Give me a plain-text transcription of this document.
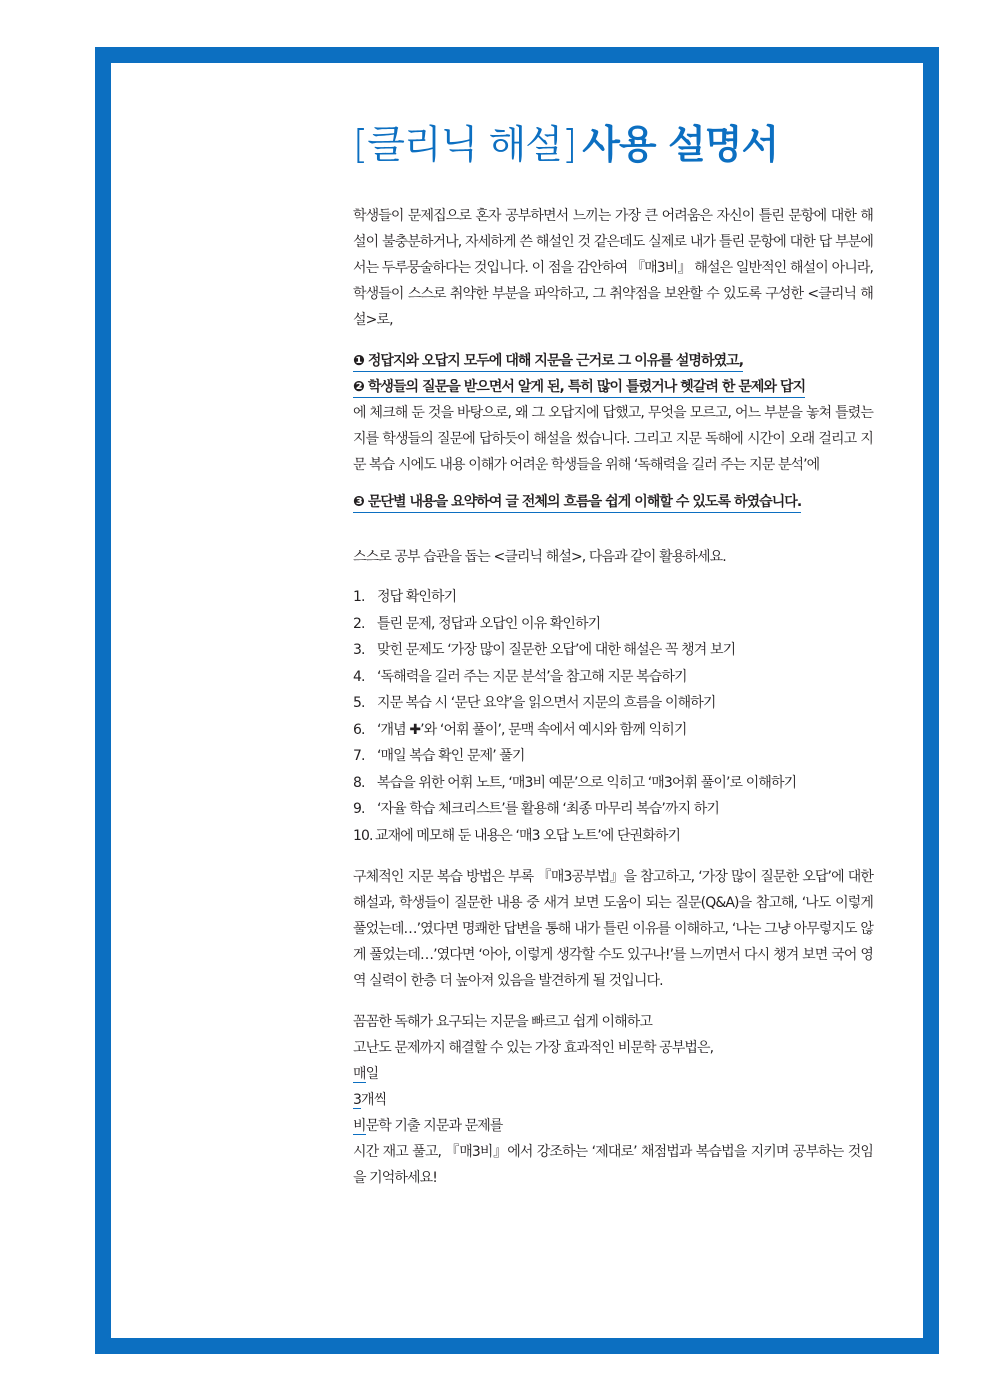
[클리닉 해설] 사용 설명서

학생들이 문제집으로 혼자 공부하면서 느끼는 가장 큰 어려움은 자신이 틀린 문항에 대한 해설이 불충분하거나, 자세하게 쓴 해설인 것 같은데도 실제로 내가 틀린 문항에 대한 답 부분에서는 두루뭉술하다는 것입니다. 이 점을 감안하여 『매3비』 해설은 일반적인 해설이 아니라, 학생들이 스스로 취약한 부분을 파악하고, 그 취약점을 보완할 수 있도록 구성한 <클리닉 해설>로,

❶ 정답지와 오답지 모두에 대해 지문을 근거로 그 이유를 설명하였고,

❷ 학생들의 질문을 받으면서 알게 된, 특히 많이 틀렸거나 헷갈려 한 문제와 답지

에 체크해 둔 것을 바탕으로, 왜 그 오답지에 답했고, 무엇을 모르고, 어느 부분을 놓쳐 틀렸는지를 학생들의 질문에 답하듯이 해설을 썼습니다. 그리고 지문 독해에 시간이 오래 걸리고 지문 복습 시에도 내용 이해가 어려운 학생들을 위해 ‘독해력을 길러 주는 지문 분석’에

❸ 문단별 내용을 요약하여 글 전체의 흐름을 쉽게 이해할 수 있도록 하였습니다.

스스로 공부 습관을 돕는 <클리닉 해설>, 다음과 같이 활용하세요.

1. 정답 확인하기
2. 틀린 문제, 정답과 오답인 이유 확인하기
3. 맞힌 문제도 ‘가장 많이 질문한 오답’에 대한 해설은 꼭 챙겨 보기
4. ‘독해력을 길러 주는 지문 분석’을 참고해 지문 복습하기
5. 지문 복습 시 ‘문단 요약’을 읽으면서 지문의 흐름을 이해하기
6. ‘개념 ✚’와 ‘어휘 풀이’, 문맥 속에서 예시와 함께 익히기
7. ‘매일 복습 확인 문제’ 풀기
8. 복습을 위한 어휘 노트, ‘매3비 예문’으로 익히고 ‘매3어휘 풀이’로 이해하기
9. ‘자율 학습 체크리스트’를 활용해 ‘최종 마무리 복습’까지 하기
10. 교재에 메모해 둔 내용은 ‘매3 오답 노트’에 단권화하기

구체적인 지문 복습 방법은 부록 『매3공부법』을 참고하고, ‘가장 많이 질문한 오답’에 대한 해설과, 학생들이 질문한 내용 중 새겨 보면 도움이 되는 질문(Q&A)을 참고해, ‘나도 이렇게 풀었는데…’였다면 명쾌한 답변을 통해 내가 틀린 이유를 이해하고, ‘나는 그냥 아무렇지도 않게 풀었는데…’였다면 ‘아아, 이렇게 생각할 수도 있구나!’를 느끼면서 다시 챙겨 보면 국어 영역 실력이 한층 더 높아져 있음을 발견하게 될 것입니다.

꼼꼼한 독해가 요구되는 지문을 빠르고 쉽게 이해하고

고난도 문제까지 해결할 수 있는 가장 효과적인 비문학 공부법은,

매일

3개씩

비문학 기출 지문과 문제를

시간 재고 풀고, 『매3비』에서 강조하는 ‘제대로’ 채점법과 복습법을 지키며 공부하는 것임을 기억하세요!
